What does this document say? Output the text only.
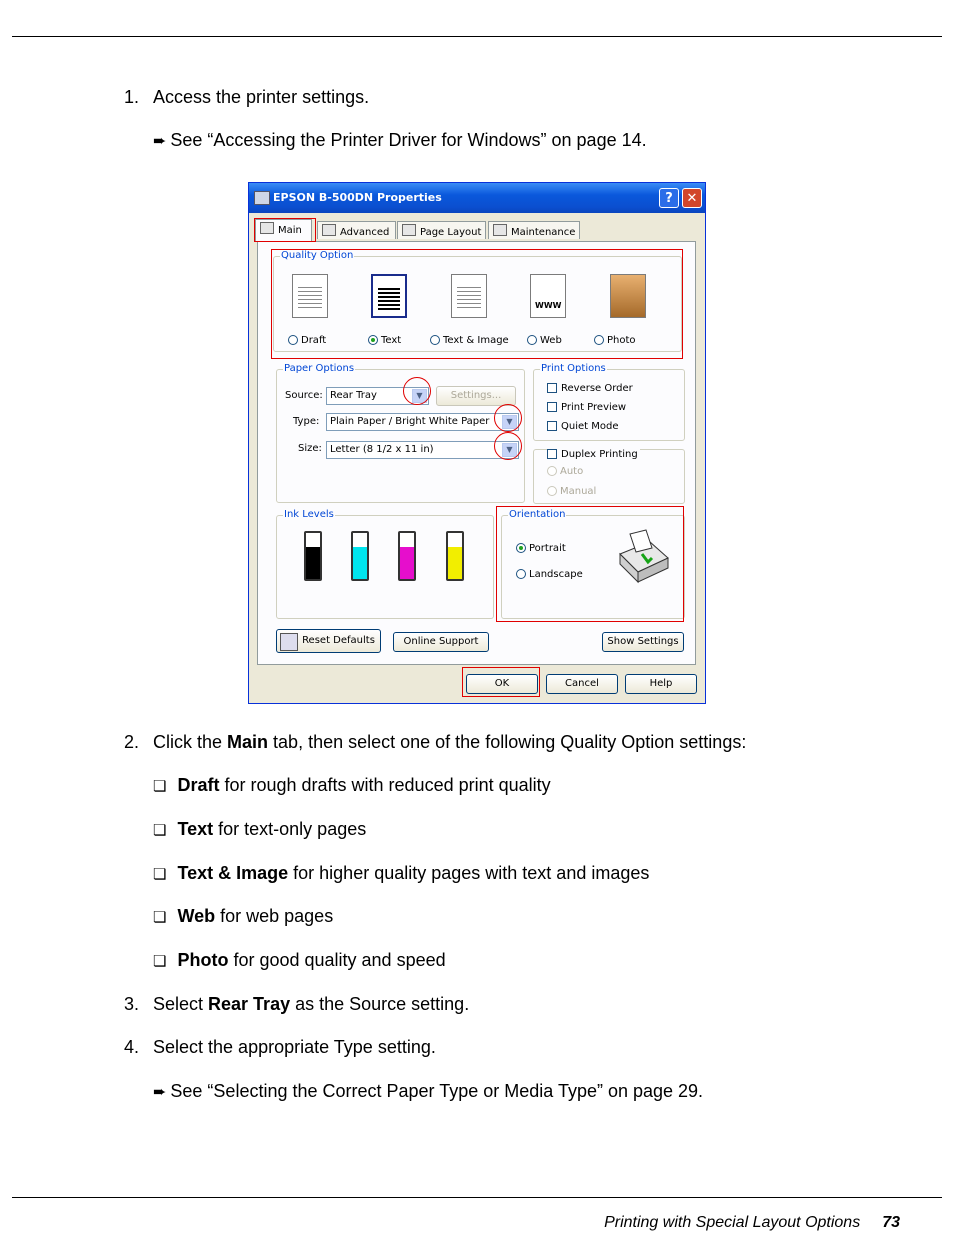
1. Access the printer settings.
➨ See “Accessing the Printer Driver for Windows” on page 14.
EPSON B-500DN Properties	?	✕
Main	Advanced	Page Layout	Maintenance
Quality Option
WWW
Draft	Text	Text & Image	Web	Photo
Paper Options
Source: Rear Tray	▼	Settings...
Type:	Plain Paper / Bright White Paper	▼
Size: Letter (8 1/2 x 11 in)	▼
Print Options
Reverse Order
Print Preview
Quiet Mode
Duplex Printing
Auto
Manual
Ink Levels	Orientation
Portrait
Landscape
Reset Defaults	Online Support	Show Settings
OK	Cancel	Help
2. Click the Main tab, then select one of the following Quality Option settings:
❏ Draft for rough drafts with reduced print quality
❏ Text for text-only pages
❏ Text & Image for higher quality pages with text and images
❏ Web for web pages
❏ Photo for good quality and speed
3. Select Rear Tray as the Source setting.
4. Select the appropriate Type setting.
➨ See “Selecting the Correct Paper Type or Media Type” on page 29.
Printing with Special Layout Options 73
